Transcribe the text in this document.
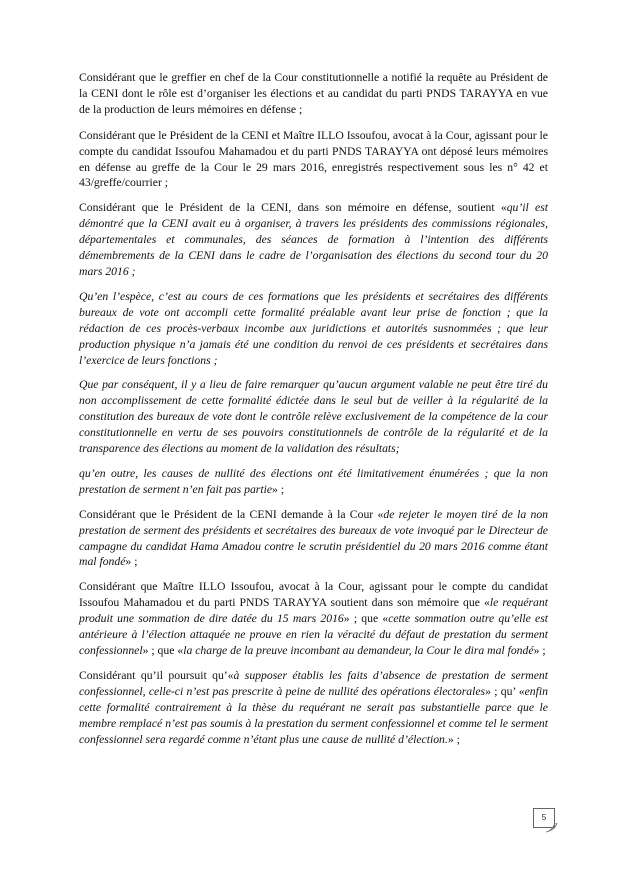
Considérant que le greffier en chef de la Cour constitutionnelle a notifié la requête au Président de la CENI dont le rôle est d’organiser les élections et au candidat du parti PNDS TARAYYA en vue de la production de leurs mémoires en défense ;

Considérant que le Président de la CENI et Maître ILLO Issoufou, avocat à la Cour, agissant pour le compte du candidat Issoufou Mahamadou et du parti PNDS TARAYYA ont déposé leurs mémoires en défense au greffe de la Cour le 29 mars 2016, enregistrés respectivement sous les n° 42 et 43/greffe/courrier ;

Considérant que le Président de la CENI, dans son mémoire en défense, soutient «qu’il est démontré que la CENI avait eu à organiser, à travers les présidents des commissions régionales, départementales et communales, des séances de formation à l’intention des différents démembrements de la CENI dans le cadre de l’organisation des élections du second tour du 20 mars 2016 ;

Qu’en l’espèce, c’est au cours de ces formations que les présidents et secrétaires des différents bureaux de vote ont accompli cette formalité préalable avant leur prise de fonction ; que la rédaction de ces procès-verbaux incombe aux juridictions et autorités susnommées ; que leur production physique n’a jamais été une condition du renvoi de ces présidents et secrétaires dans l’exercice de leurs fonctions ;

Que par conséquent, il y a lieu de faire remarquer qu’aucun argument valable ne peut être tiré du non accomplissement de cette formalité édictée dans le seul but de veiller à la régularité de la constitution des bureaux de vote dont le contrôle relève exclusivement de la compétence de la cour constitutionnelle en vertu de ses pouvoirs constitutionnels de contrôle de la régularité et de la transparence des élections au moment de la validation des résultats;

qu’en outre, les causes de nullité des élections ont été limitativement énumérées ; que la non prestation de serment n’en fait pas partie» ;

Considérant que le Président de la CENI demande à la Cour «de rejeter le moyen tiré de la non prestation de serment des présidents et secrétaires des bureaux de vote invoqué par le Directeur de campagne du candidat Hama Amadou contre le scrutin présidentiel du 20 mars 2016 comme étant mal fondé» ;

Considérant que Maître ILLO Issoufou, avocat à la Cour, agissant pour le compte du candidat Issoufou Mahamadou et du parti PNDS TARAYYA soutient dans son mémoire que «le requérant produit une sommation de dire datée du 15 mars 2016» ; que «cette sommation outre qu’elle est antérieure à l’élection attaquée ne prouve en rien la véracité du défaut de prestation du serment confessionnel» ; que «la charge de la preuve incombant au demandeur, la Cour le dira mal fondé» ;

Considérant qu’il poursuit qu’«à supposer établis les faits d’absence de prestation de serment confessionnel, celle-ci n’est pas prescrite à peine de nullité des opérations électorales» ; qu’ «enfin cette formalité contrairement à la thèse du requérant ne serait pas substantielle parce que le membre remplacé n’est pas soumis à la prestation du serment confessionnel et comme tel le serment confessionnel sera regardé comme n’étant plus une cause de nullité d’élection.» ;

5
